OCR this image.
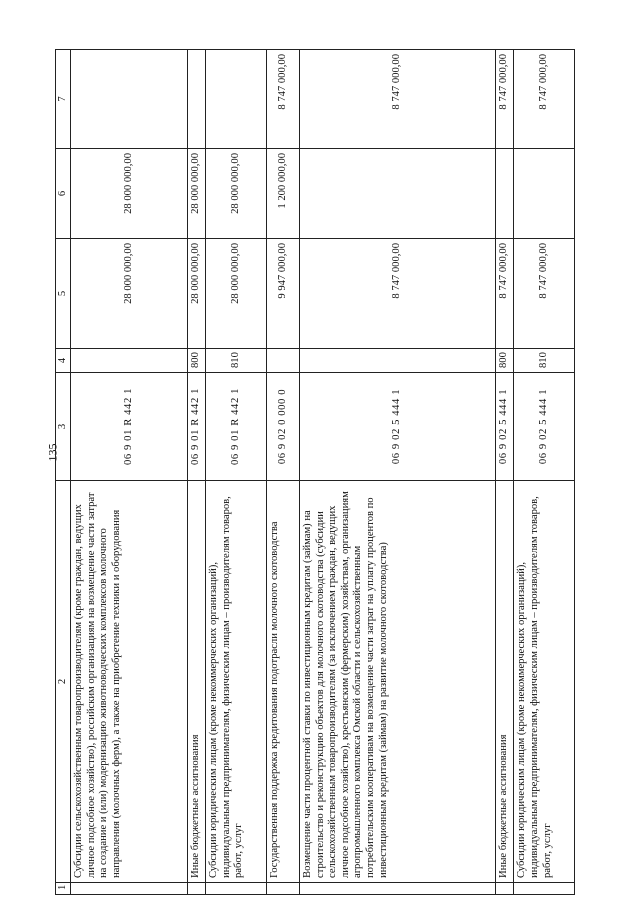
135
1	2	3	4	5	6	7
	Субсидии сельскохозяйственным товаропроизводителям (кроме граждан, ведущих личное подсобное хозяйство), российским организациям на возмещение части затрат на создание и (или) модернизацию животноводческих комплексов молочного направления (молочных ферм), а также на приобретение техники и оборудования	06 9 01 R 442 1		28 000 000,00	28 000 000,00	
	Иные бюджетные ассигнования	06 9 01 R 442 1	800	28 000 000,00	28 000 000,00	
	Субсидии юридическим лицам (кроме некоммерческих организаций), индивидуальным предпринимателям, физическим лицам – производителям товаров, работ, услуг	06 9 01 R 442 1	810	28 000 000,00	28 000 000,00	
	Государственная поддержка кредитования подотрасли молочного скотоводства	06 9 02 0 000 0		9 947 000,00	1 200 000,00	8 747 000,00
	Возмещение части процентной ставки по инвестиционным кредитам (займам) на строительство и реконструкцию объектов для молочного скотоводства (субсидии сельскохозяйственным товаропроизводителям (за исключением граждан, ведущих личное подсобное хозяйство), крестьянским (фермерским) хозяйствам, организациям агропромышленного комплекса Омской области и сельскохозяйственным потребительским кооперативам на возмещение части затрат на уплату процентов по инвестиционным кредитам (займам) на развитие молочного скотоводства)	06 9 02 5 444 1		8 747 000,00		8 747 000,00
	Иные бюджетные ассигнования	06 9 02 5 444 1	800	8 747 000,00		8 747 000,00
	Субсидии юридическим лицам (кроме некоммерческих организаций), индивидуальным предпринимателям, физическим лицам – производителям товаров, работ, услуг	06 9 02 5 444 1	810	8 747 000,00		8 747 000,00
